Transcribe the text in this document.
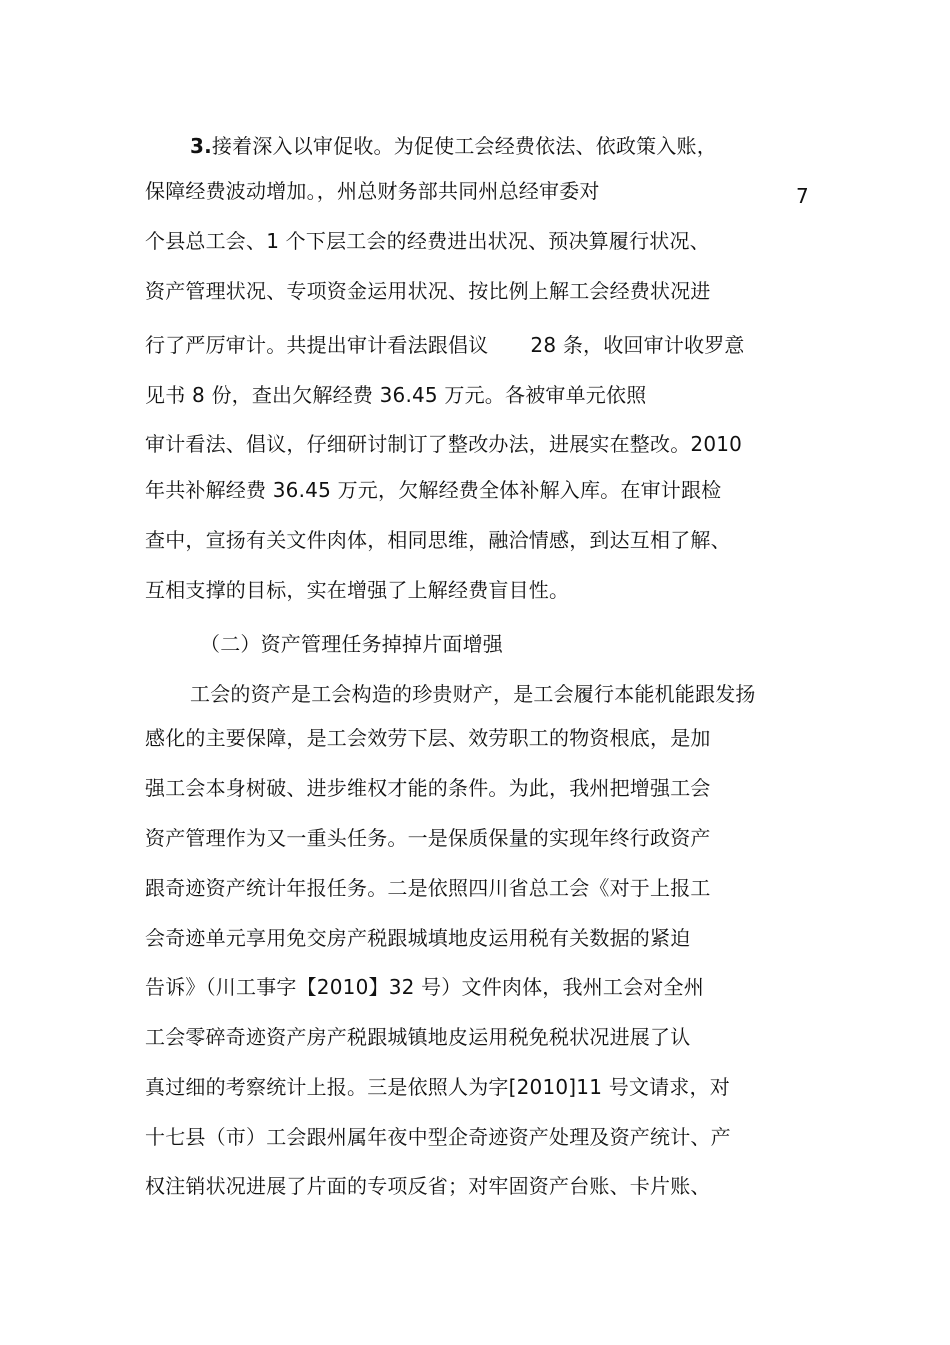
3.接着深入以审促收。为促使工会经费依法、依政策入账，
保障经费波动增加。，州总财务部共同州总经审委对	7
个县总工会、1 个下层工会的经费进出状况、预决算履行状况、
资产管理状况、专项资金运用状况、按比例上解工会经费状况进
行了严厉审计。共提出审计看法跟倡议 28 条，收回审计收罗意
见书 8 份，查出欠解经费 36.45 万元。各被审单元依照
审计看法、倡议，仔细研讨制订了整改办法，进展实在整改。2010
年共补解经费 36.45 万元，欠解经费全体补解入库。在审计跟检
查中，宣扬有关文件肉体，相同思维，融洽情感，到达互相了解、
互相支撑的目标，实在增强了上解经费盲目性。
（二）资产管理任务掉掉片面增强
工会的资产是工会构造的珍贵财产，是工会履行本能机能跟发扬
感化的主要保障，是工会效劳下层、效劳职工的物资根底，是加
强工会本身树破、进步维权才能的条件。为此，我州把增强工会
资产管理作为又一重头任务。一是保质保量的实现年终行政资产
跟奇迹资产统计年报任务。二是依照四川省总工会《对于上报工
会奇迹单元享用免交房产税跟城填地皮运用税有关数据的紧迫
告诉》（川工事字【2010】32 号）文件肉体，我州工会对全州
工会零碎奇迹资产房产税跟城镇地皮运用税免税状况进展了认
真过细的考察统计上报。三是依照人为字[2010]11 号文请求，对
十七县（市）工会跟州属年夜中型企奇迹资产处理及资产统计、产
权注销状况进展了片面的专项反省；对牢固资产台账、卡片账、
